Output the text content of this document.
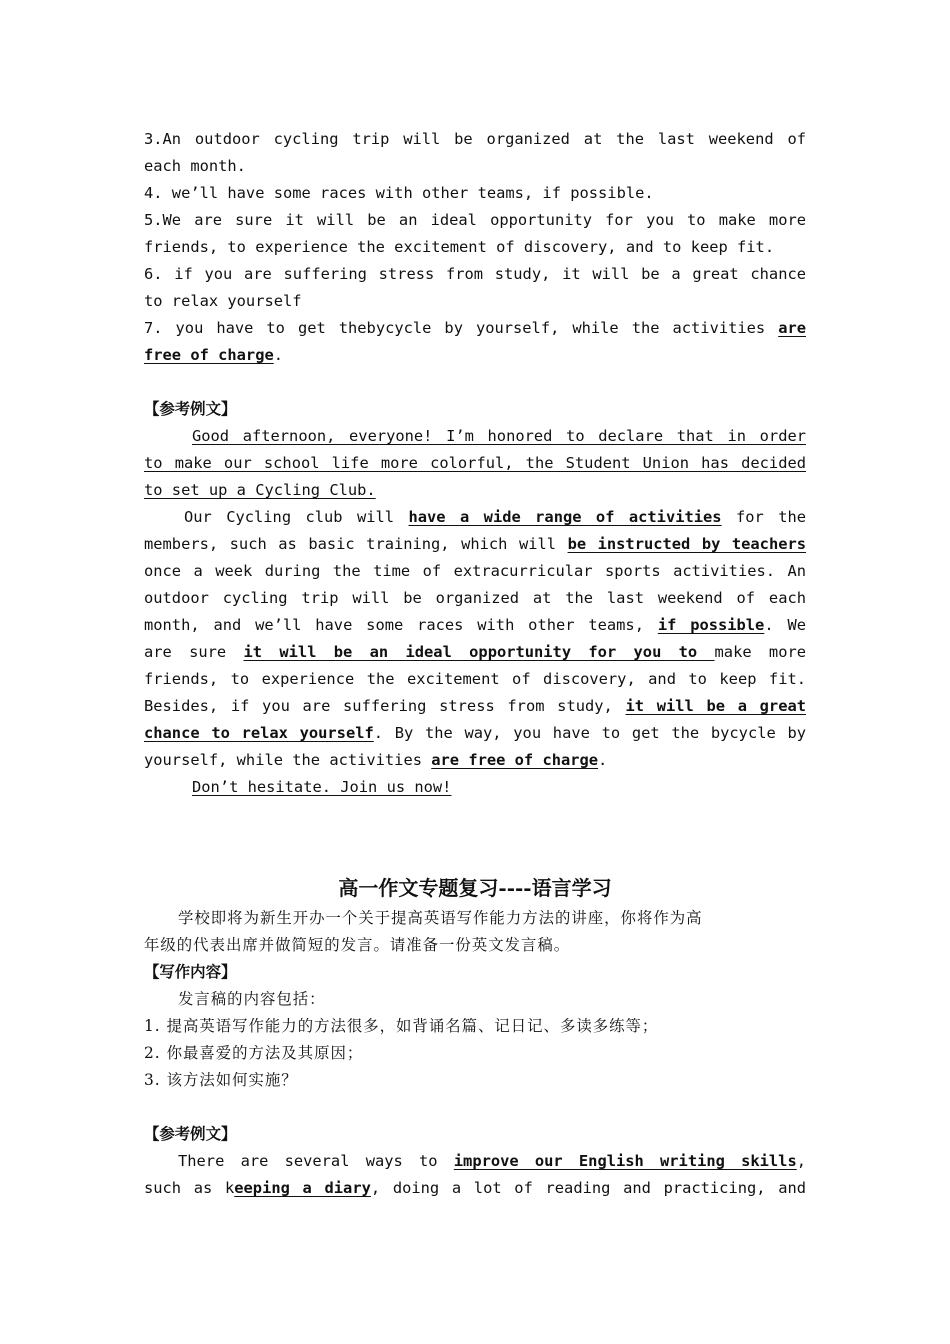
3.An outdoor cycling trip will be organized at the last weekend of
each month.
4. we’ll have some races with other teams, if possible.
5.We are sure it will be an ideal opportunity for you to make more
friends, to experience the excitement of discovery, and to keep fit.
6. if you are suffering stress from study, it will be a great chance
to relax yourself
7. you have to get thebycycle by yourself, while the activities are
free of charge.
【参考例文】
Good afternoon, everyone! I’m honored to declare that in order
to make our school life more colorful, the Student Union has decided
to set up a Cycling Club.
Our Cycling club will have a wide range of activities for the
members, such as basic training, which will be instructed by teachers
once a week during the time of extracurricular sports activities. An
outdoor cycling trip will be organized at the last weekend of each
month, and we’ll have some races with other teams, if possible. We
are sure it will be an ideal opportunity for you to make more
friends, to experience the excitement of discovery, and to keep fit.
Besides, if you are suffering stress from study, it will be a great
chance to relax yourself. By the way, you have to get the bycycle by
yourself, while the activities are free of charge.
Don’t hesitate. Join us now!
高一作文专题复习----语言学习
学校即将为新生开办一个关于提高英语写作能力方法的讲座，你将作为高
年级的代表出席并做简短的发言。请准备一份英文发言稿。
【写作内容】
发言稿的内容包括：
1. 提高英语写作能力的方法很多，如背诵名篇、记日记、多读多练等；
2. 你最喜爱的方法及其原因；
3. 该方法如何实施？
【参考例文】
There are several ways to improve our English writing skills,
such as keeping a diary, doing a lot of reading and practicing, and
